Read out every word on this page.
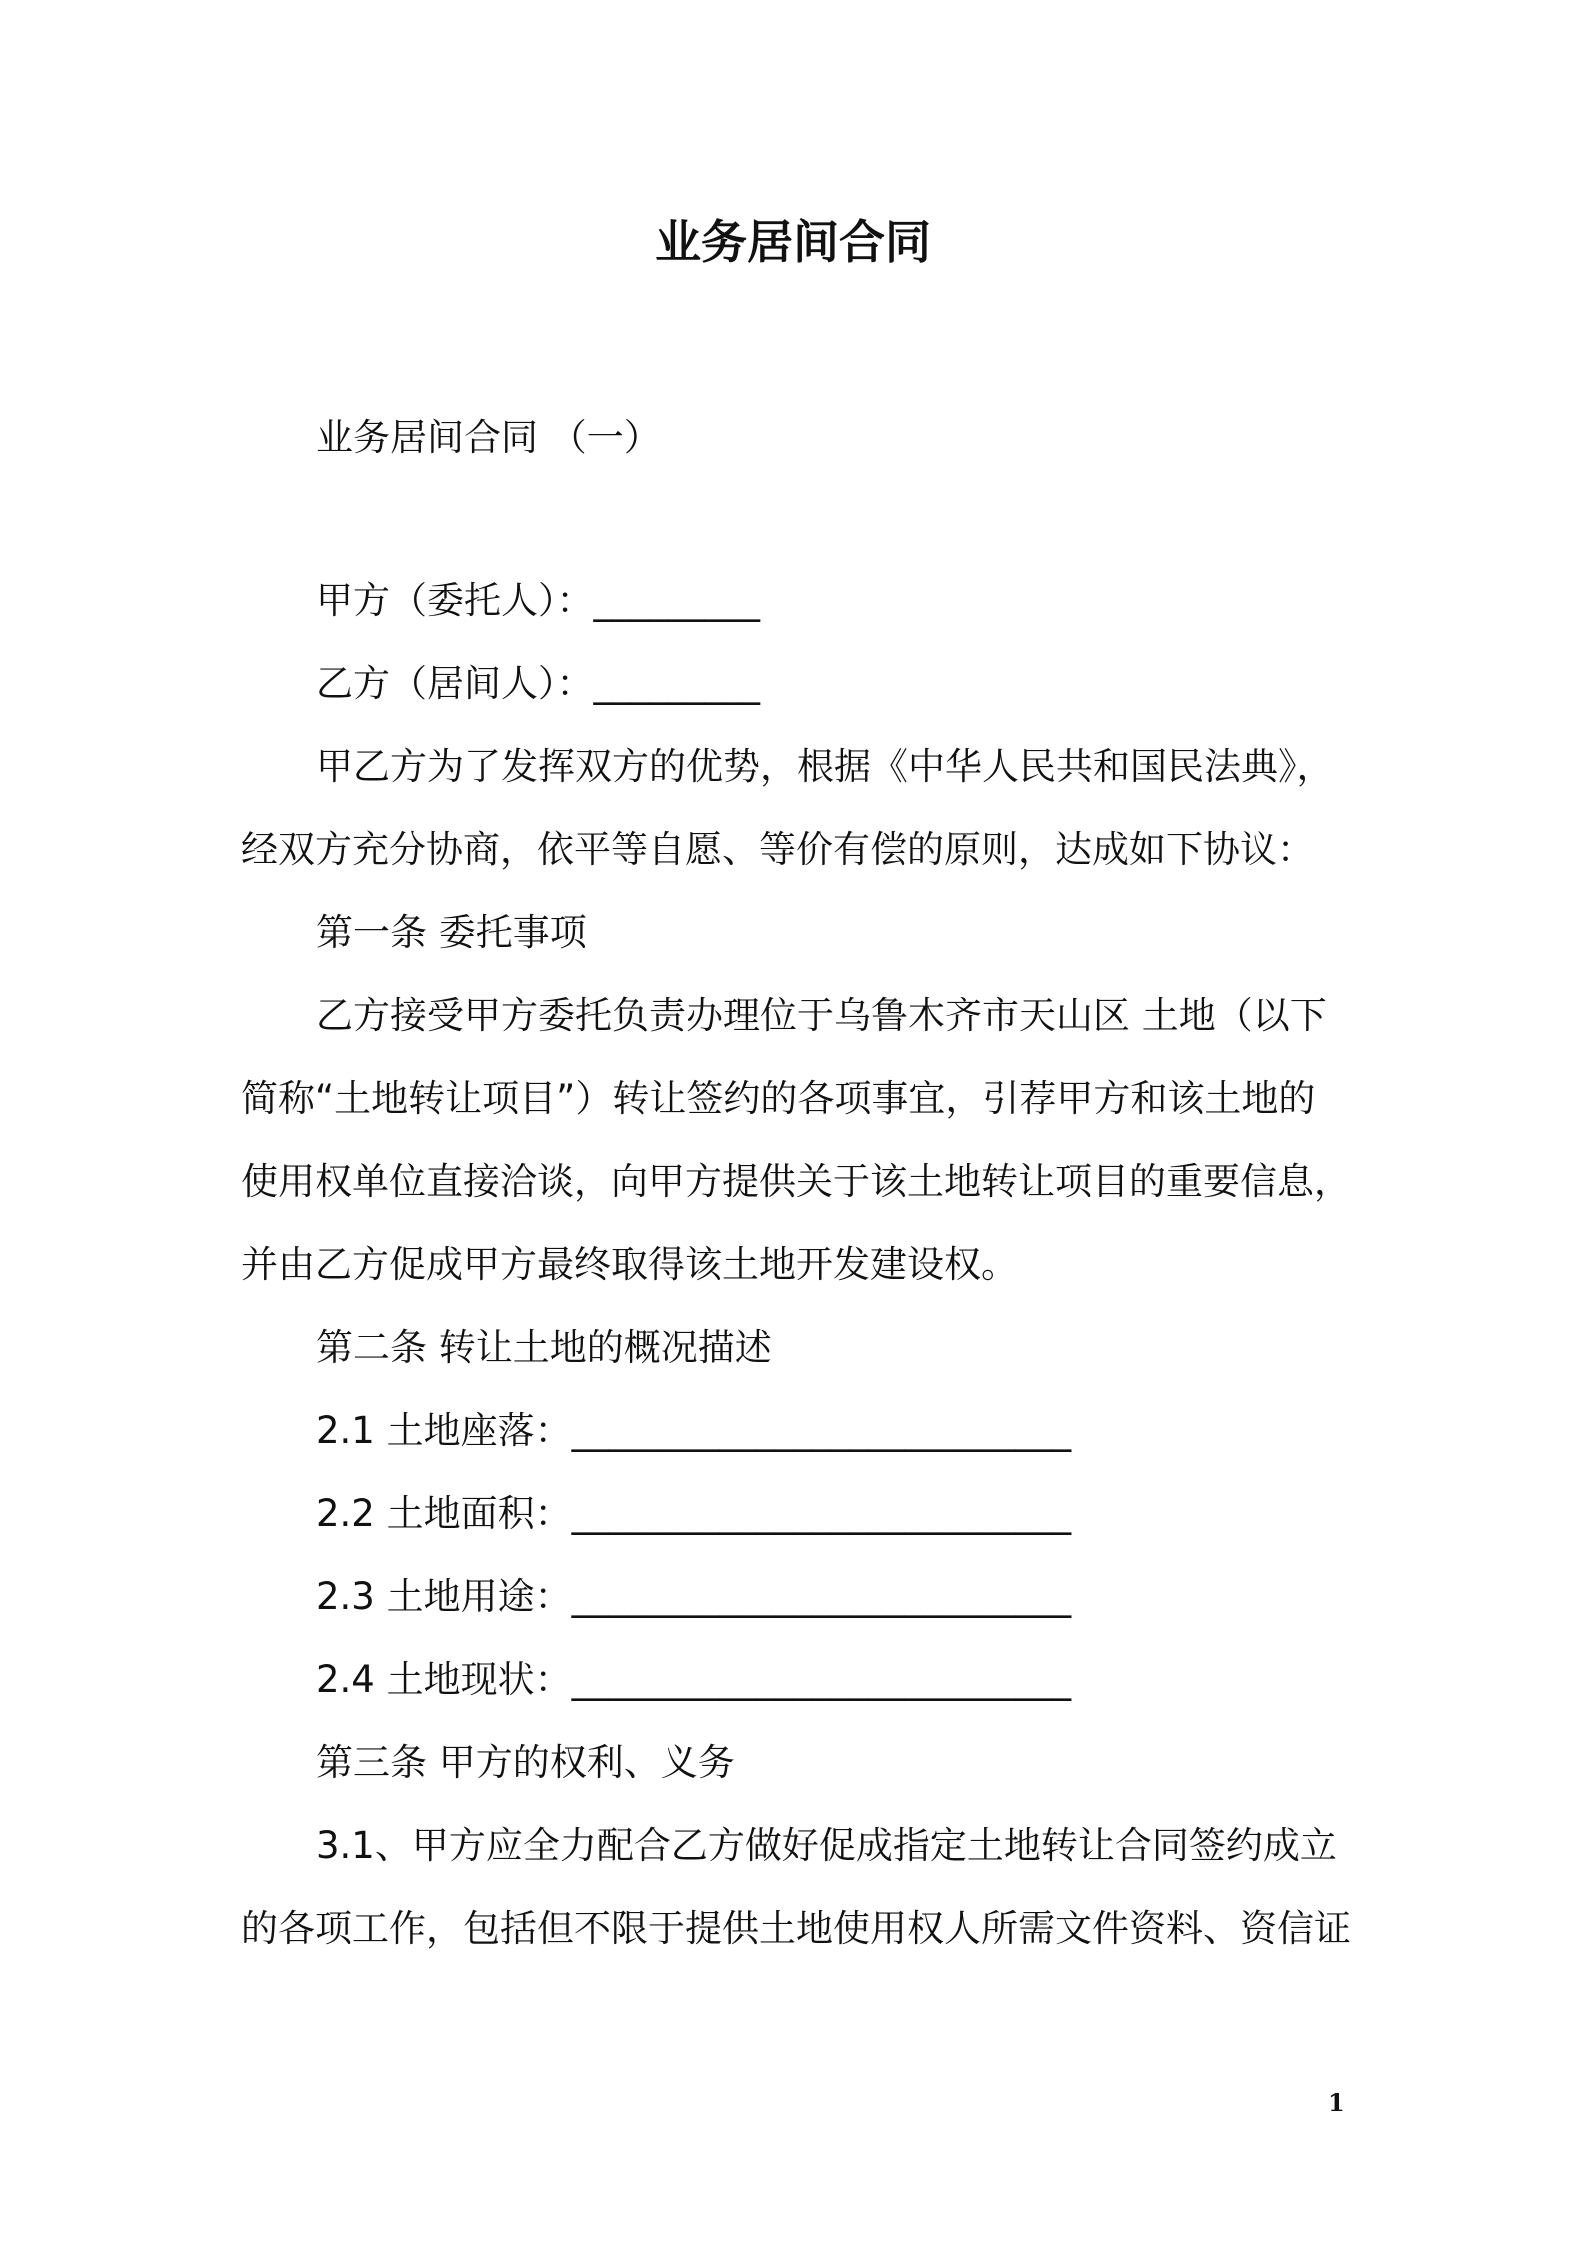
业务居间合同
业务居间合同 （一）
甲方（委托人）：_________
乙方（居间人）：_________
甲乙方为了发挥双方的优势，根据《中华人民共和国民法典》，
经双方充分协商，依平等自愿、等价有偿的原则，达成如下协议：
第一条 委托事项
乙方接受甲方委托负责办理位于乌鲁木齐市天山区 土地（以下
简称“土地转让项目”）转让签约的各项事宜，引荐甲方和该土地的
使用权单位直接洽谈，向甲方提供关于该土地转让项目的重要信息，
并由乙方促成甲方最终取得该土地开发建设权。
第二条 转让土地的概况描述
2.1 土地座落：___________________________
2.2 土地面积：___________________________
2.3 土地用途：___________________________
2.4 土地现状：___________________________
第三条 甲方的权利、义务
3.1、甲方应全力配合乙方做好促成指定土地转让合同签约成立
的各项工作，包括但不限于提供土地使用权人所需文件资料、资信证
1
